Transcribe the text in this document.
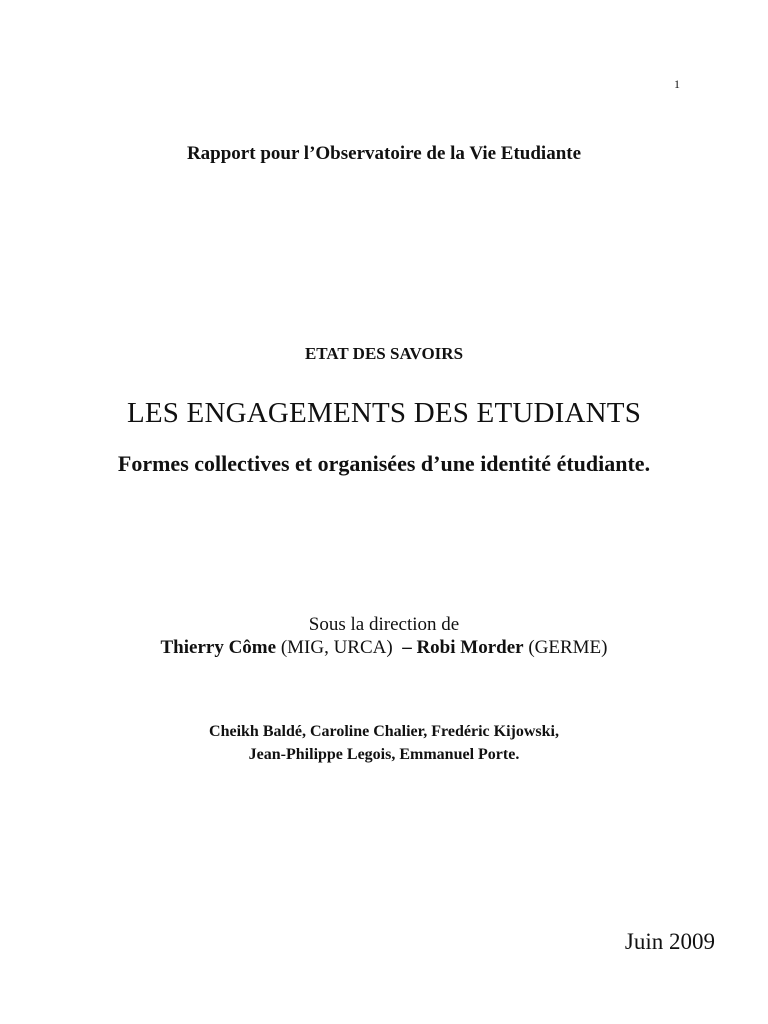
1
Rapport pour l’Observatoire de la Vie Etudiante
ETAT DES SAVOIRS
LES ENGAGEMENTS DES ETUDIANTS
Formes collectives et organisées d’une identité étudiante.
Sous la direction de
Thierry Côme (MIG, URCA)  – Robi Morder (GERME)
Cheikh Baldé, Caroline Chalier, Fredéric Kijowski,
Jean-Philippe Legois, Emmanuel Porte.
Juin 2009
